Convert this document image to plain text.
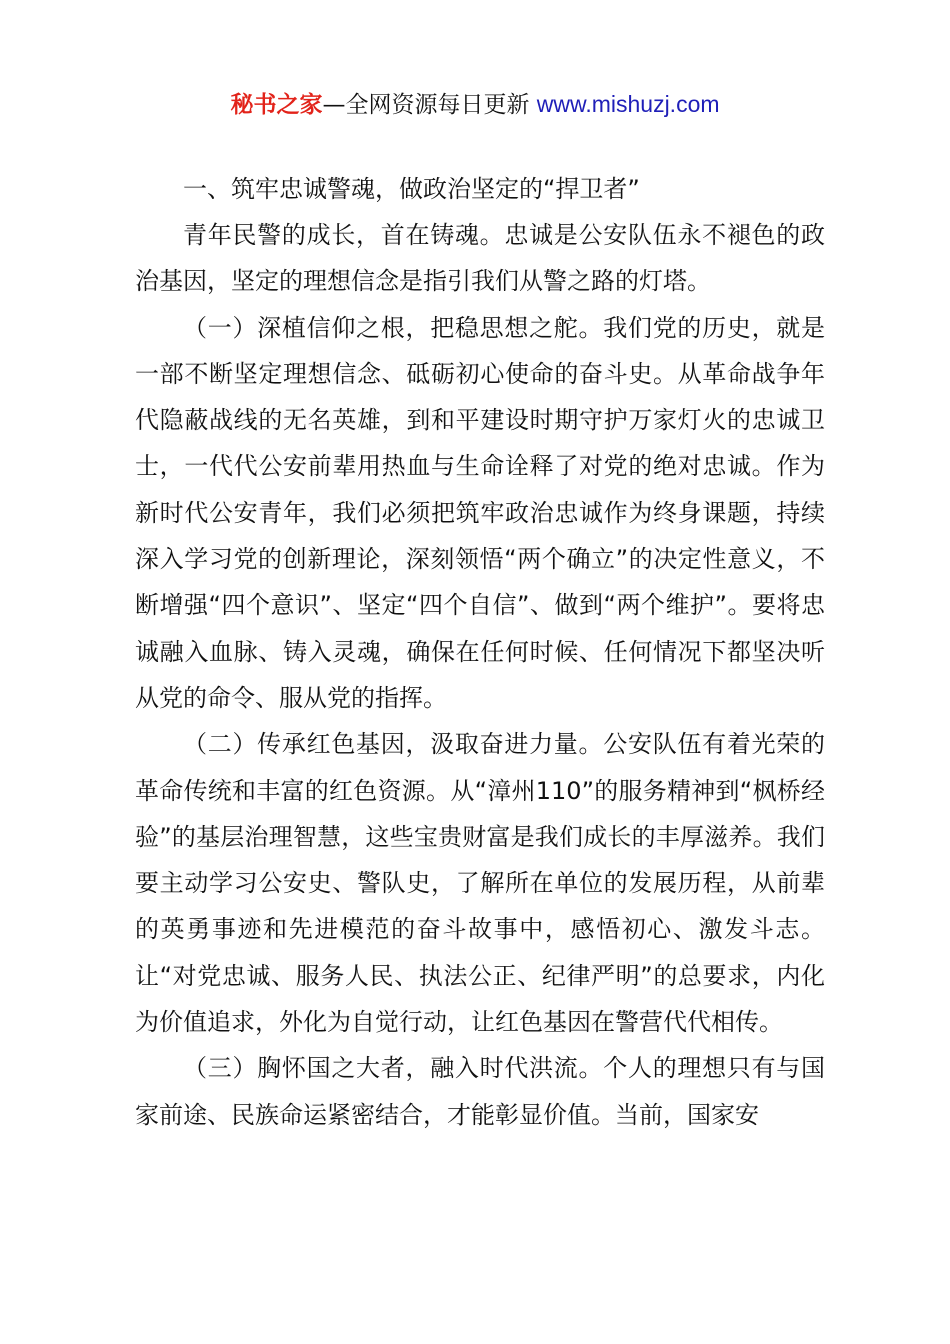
秘书之家—全网资源每日更新 www.mishuzj.com
一、筑牢忠诚警魂，做政治坚定的“捍卫者”

青年民警的成长，首在铸魂。忠诚是公安队伍永不褪色的政治基因，坚定的理想信念是指引我们从警之路的灯塔。

（一）深植信仰之根，把稳思想之舵。我们党的历史，就是一部不断坚定理想信念、砥砺初心使命的奋斗史。从革命战争年代隐蔽战线的无名英雄，到和平建设时期守护万家灯火的忠诚卫士，一代代公安前辈用热血与生命诠释了对党的绝对忠诚。作为新时代公安青年，我们必须把筑牢政治忠诚作为终身课题，持续深入学习党的创新理论，深刻领悟“两个确立”的决定性意义，不断增强“四个意识”、坚定“四个自信”、做到“两个维护”。要将忠诚融入血脉、铸入灵魂，确保在任何时候、任何情况下都坚决听从党的命令、服从党的指挥。

（二）传承红色基因，汲取奋进力量。公安队伍有着光荣的革命传统和丰富的红色资源。从“漳州110”的服务精神到“枫桥经验”的基层治理智慧，这些宝贵财富是我们成长的丰厚滋养。我们要主动学习公安史、警队史，了解所在单位的发展历程，从前辈的英勇事迹和先进模范的奋斗故事中，感悟初心、激发斗志。让“对党忠诚、服务人民、执法公正、纪律严明”的总要求，内化为价值追求，外化为自觉行动，让红色基因在警营代代相传。

（三）胸怀国之大者，融入时代洪流。个人的理想只有与国家前途、民族命运紧密结合，才能彰显价值。当前，国家安
